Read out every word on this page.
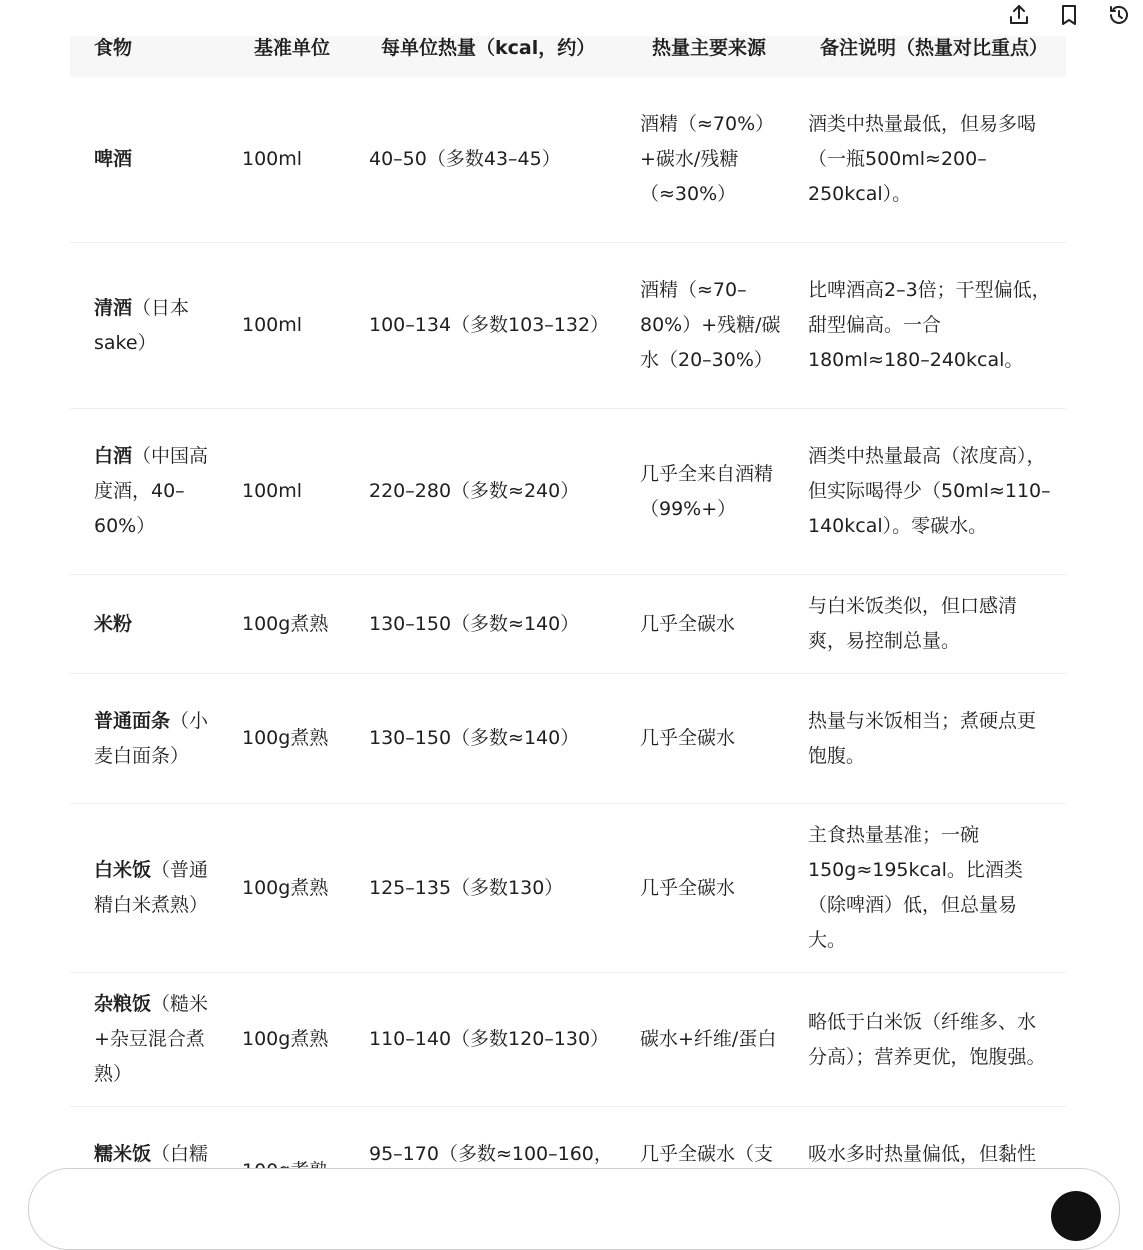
食物	基准单位	每单位热量（kcal，约）	热量主要来源	备注说明（热量对比重点）
啤酒	100ml	40–50（多数43–45）	酒精（≈70%）+碳水/残糖（≈30%）	酒类中热量最低，但易多喝（一瓶500ml≈200–250kcal）。
清酒（日本sake）	100ml	100–134（多数103–132）	酒精（≈70–80%）+残糖/碳水（20–30%）	比啤酒高2–3倍；干型偏低，甜型偏高。一合180ml≈180–240kcal。
白酒（中国高度酒，40–60%）	100ml	220–280（多数≈240）	几乎全来自酒精（99%+）	酒类中热量最高（浓度高），但实际喝得少（50ml≈110–140kcal）。零碳水。
米粉	100g煮熟	130–150（多数≈140）	几乎全碳水	与白米饭类似，但口感清爽，易控制总量。
普通面条（小麦白面条）	100g煮熟	130–150（多数≈140）	几乎全碳水	热量与米饭相当；煮硬点更饱腹。
白米饭（普通精白米煮熟）	100g煮熟	125–135（多数130）	几乎全碳水	主食热量基准；一碗150g≈195kcal。比酒类（除啤酒）低，但总量易大。
杂粮饭（糙米+杂豆混合煮熟）	100g煮熟	110–140（多数120–130）	碳水+纤维/蛋白	略低于白米饭（纤维多、水分高）；营养更优，饱腹强。
糯米饭（白糯		95–170（多数≈100–160，	几乎全碳水（支	吸水多时热量偏低，但黏性
